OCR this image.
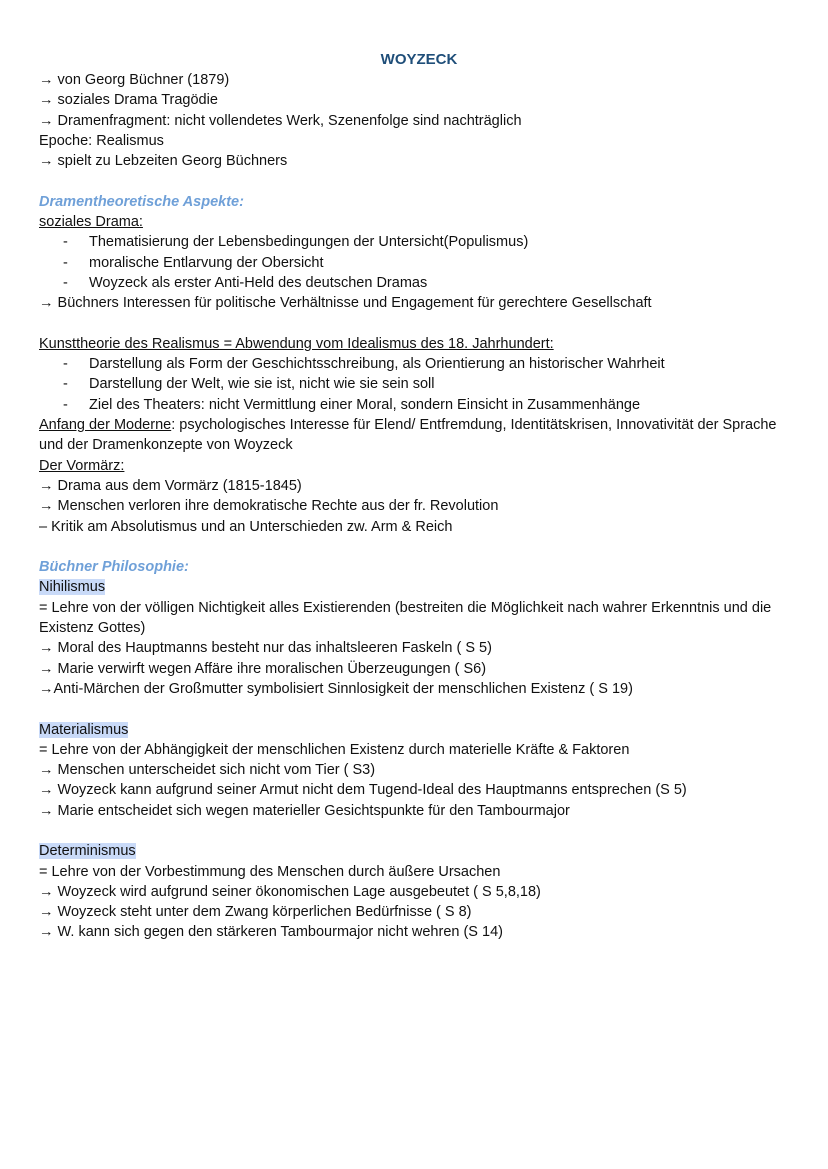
WOYZECK
→ von Georg Büchner (1879)
→ soziales Drama Tragödie
→ Dramenfragment: nicht vollendetes Werk, Szenenfolge sind nachträglich
Epoche: Realismus
→ spielt zu Lebzeiten Georg Büchners
Dramentheoretische Aspekte:
soziales Drama:
- Thematisierung der Lebensbedingungen der Untersicht(Populismus)
- moralische Entlarvung der Obersicht
- Woyzeck als erster Anti-Held des deutschen Dramas
→ Büchners Interessen für politische Verhältnisse und Engagement für gerechtere Gesellschaft
Kunsttheorie des Realismus = Abwendung vom Idealismus des 18. Jahrhundert:
- Darstellung als Form der Geschichtsschreibung, als Orientierung an historischer Wahrheit
- Darstellung der Welt, wie sie ist, nicht wie sie sein soll
- Ziel des Theaters: nicht Vermittlung einer Moral, sondern Einsicht in Zusammenhänge
Anfang der Moderne: psychologisches Interesse für Elend/ Entfremdung, Identitätskrisen, Innovativität der Sprache und der Dramenkonzepte von Woyzeck
Der Vormärz:
→ Drama aus dem Vormärz (1815-1845)
→ Menschen verloren ihre demokratische Rechte aus der fr. Revolution
– Kritik am Absolutismus und an Unterschieden zw. Arm & Reich
Büchner Philosophie:
Nihilismus
= Lehre von der völligen Nichtigkeit alles Existierenden (bestreiten die Möglichkeit nach wahrer Erkenntnis und die Existenz Gottes)
→ Moral des Hauptmanns besteht nur das inhaltsleeren Faskeln ( S 5)
→ Marie verwirft wegen Affäre ihre moralischen Überzeugungen ( S6)
→Anti-Märchen der Großmutter symbolisiert Sinnlosigkeit der menschlichen Existenz ( S 19)
Materialismus
= Lehre von der Abhängigkeit der menschlichen Existenz durch materielle Kräfte & Faktoren
→ Menschen unterscheidet sich nicht vom Tier ( S3)
→ Woyzeck kann aufgrund seiner Armut nicht dem Tugend-Ideal des Hauptmanns entsprechen (S 5)
→ Marie entscheidet sich wegen materieller Gesichtspunkte für den Tambourmajor
Determinismus
= Lehre von der Vorbestimmung des Menschen durch äußere Ursachen
→ Woyzeck wird aufgrund seiner ökonomischen Lage ausgebeutet ( S 5,8,18)
→ Woyzeck steht unter dem Zwang körperlichen Bedürfnisse ( S 8)
→ W. kann sich gegen den stärkeren Tambourmajor nicht wehren (S 14)
